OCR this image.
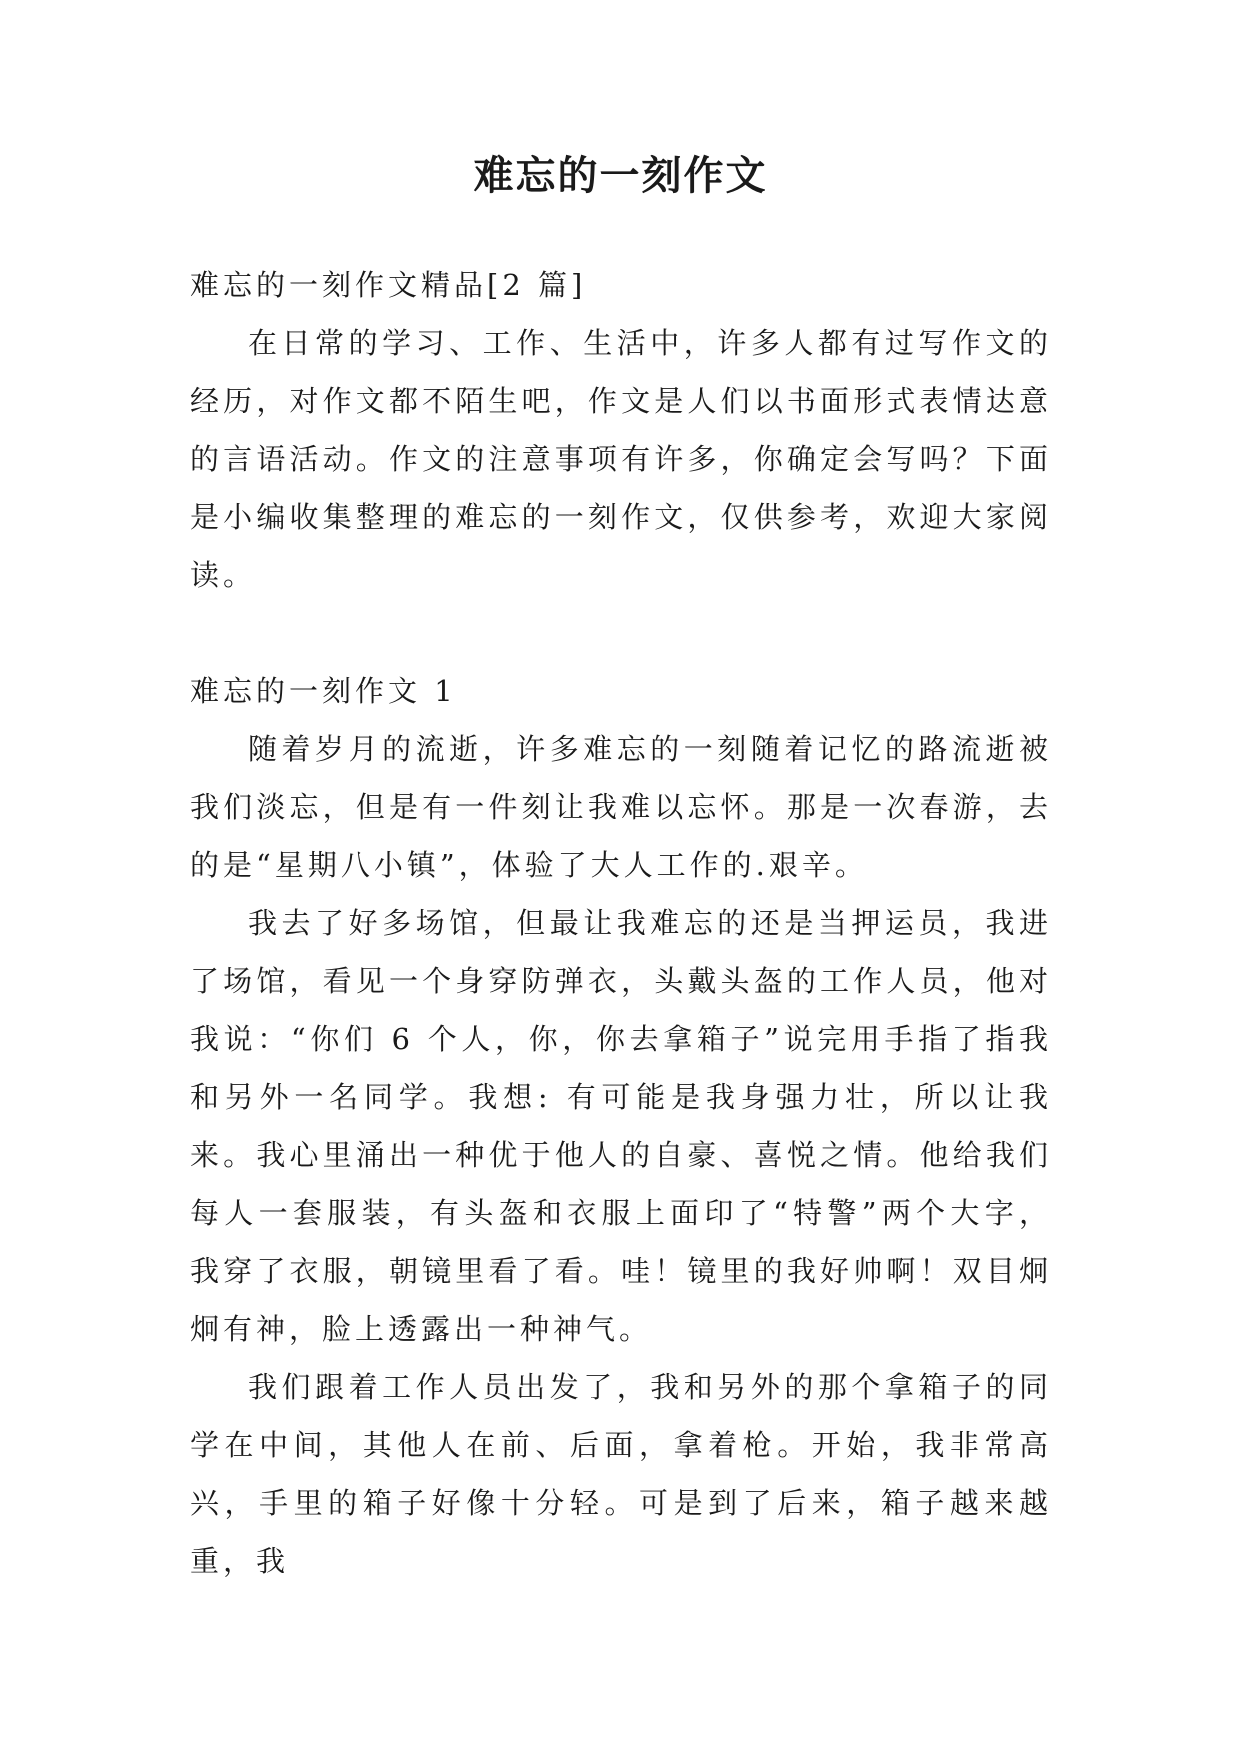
难忘的一刻作文
难忘的一刻作文精品[2 篇]

在日常的学习、工作、生活中，许多人都有过写作文的经历，对作文都不陌生吧，作文是人们以书面形式表情达意的言语活动。作文的注意事项有许多，你确定会写吗？下面是小编收集整理的难忘的一刻作文，仅供参考，欢迎大家阅读。

难忘的一刻作文 1

随着岁月的流逝，许多难忘的一刻随着记忆的路流逝被我们淡忘，但是有一件刻让我难以忘怀。那是一次春游，去的是“星期八小镇”，体验了大人工作的.艰辛。

我去了好多场馆，但最让我难忘的还是当押运员，我进了场馆，看见一个身穿防弹衣，头戴头盔的工作人员，他对我说：“你们 6 个人，你，你去拿箱子”说完用手指了指我和另外一名同学。我想: 有可能是我身强力壮，所以让我来。我心里涌出一种优于他人的自豪、喜悦之情。他给我们每人一套服装，有头盔和衣服上面印了“特警”两个大字，我穿了衣服，朝镜里看了看。哇！镜里的我好帅啊！双目炯炯有神，脸上透露出一种神气。

我们跟着工作人员出发了，我和另外的那个拿箱子的同学在中间，其他人在前、后面，拿着枪。开始，我非常高兴，手里的箱子好像十分轻。可是到了后来，箱子越来越重，我
